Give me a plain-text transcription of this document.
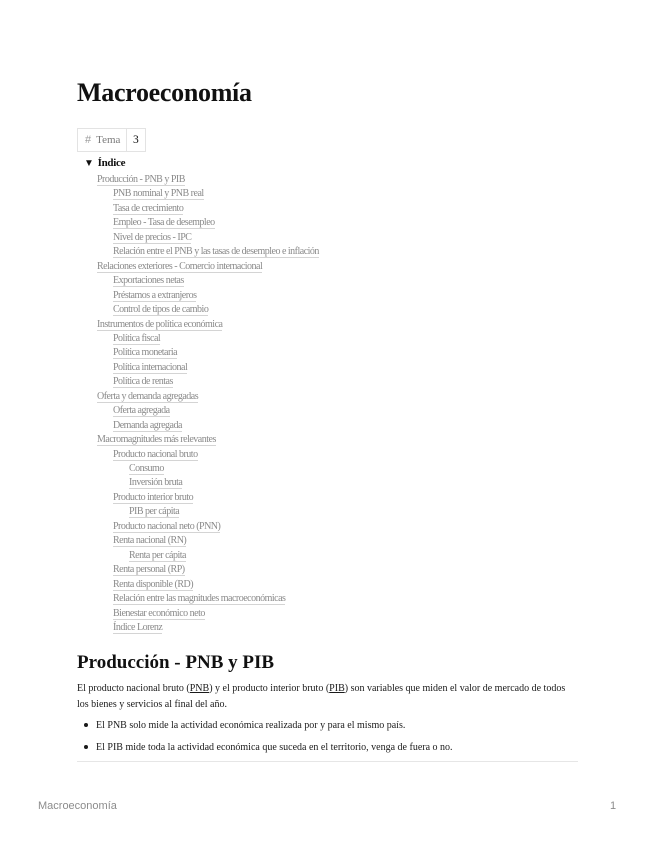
Macroeconomía
# Tema	3
▼ Índice
Producción - PNB y PIB
PNB nominal y PNB real
Tasa de crecimiento
Empleo - Tasa de desempleo
Nivel de precios - IPC
Relación entre el PNB y las tasas de desempleo e inflación
Relaciones exteriores - Comercio internacional
Exportaciones netas
Préstamos a extranjeros
Control de tipos de cambio
Instrumentos de política económica
Política fiscal
Política monetaria
Política internacional
Política de rentas
Oferta y demanda agregadas
Oferta agregada
Demanda agregada
Macromagnitudes más relevantes
Producto nacional bruto
Consumo
Inversión bruta
Producto interior bruto
PIB per cápita
Producto nacional neto (PNN)
Renta nacional (RN)
Renta per cápita
Renta personal (RP)
Renta disponible (RD)
Relación entre las magnitudes macroeconómicas
Bienestar económico neto
Índice Lorenz
Producción - PNB y PIB

El producto nacional bruto (PNB) y el producto interior bruto (PIB) son variables que miden el valor de mercado de todos los bienes y servicios al final del año.

El PNB solo mide la actividad económica realizada por y para el mismo país.
El PIB mide toda la actividad económica que suceda en el territorio, venga de fuera o no.
Macroeconomía	1
